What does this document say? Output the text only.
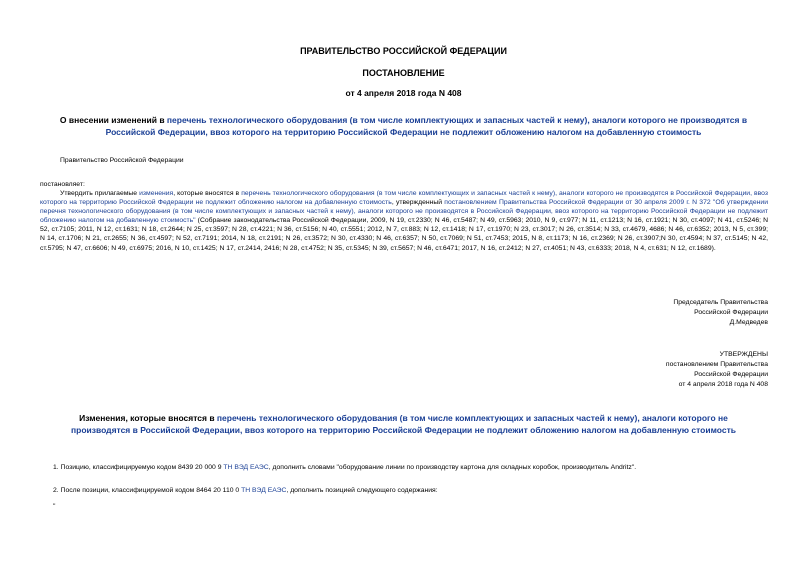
ПРАВИТЕЛЬСТВО РОССИЙСКОЙ ФЕДЕРАЦИИ
ПОСТАНОВЛЕНИЕ
от 4 апреля 2018 года N 408
О внесении изменений в перечень технологического оборудования (в том числе комплектующих и запасных частей к нему), аналоги которого не производятся в Российской Федерации, ввоз которого на территорию Российской Федерации не подлежит обложению налогом на добавленную стоимость
Правительство Российской Федерации
постановляет:
Утвердить прилагаемые изменения, которые вносятся в перечень технологического оборудования (в том числе комплектующих и запасных частей к нему), аналоги которого не производятся в Российской Федерации, ввоз которого на территорию Российской Федерации не подлежит обложению налогом на добавленную стоимость, утвержденный постановлением Правительства Российской Федерации от 30 апреля 2009 г. N 372 "Об утверждении перечня технологического оборудования (в том числе комплектующих и запасных частей к нему), аналоги которого не производятся в Российской Федерации, ввоз которого на территорию Российской Федерации не подлежит обложению налогом на добавленную стоимость" (Собрание законодательства Российской Федерации, 2009, N 19, ст.2330; N 46, ст.5487; N 49, ст.5963; 2010, N 9, ст.977; N 11, ст.1213; N 16, ст.1921; N 30, ст.4097; N 41, ст.5246; N 52, ст.7105; 2011, N 12, ст.1631; N 18, ст.2644; N 25, ст.3597; N 28, ст.4221; N 36, ст.5156; N 40, ст.5551; 2012, N 7, ст.883; N 12, ст.1418; N 17, ст.1970; N 23, ст.3017; N 26, ст.3514; N 33, ст.4679, 4686; N 46, ст.6352; 2013, N 5, ст.399; N 14, ст.1706; N 21, ст.2655; N 36, ст.4597; N 52, ст.7191; 2014, N 18, ст.2191; N 26, ст.3572; N 30, ст.4330; N 46, ст.6357; N 50, ст.7069; N 51, ст.7453; 2015, N 8, ст.1173; N 16, ст.2369; N 26, ст.3907;N 30, ст.4594; N 37, ст.5145; N 42, ст.5795; N 47, ст.6606; N 49, ст.6975; 2016, N 10, ст.1425; N 17, ст.2414, 2416; N 28, ст.4752; N 35, ст.5345; N 39, ст.5657; N 46, ст.6471; 2017, N 16, ст.2412; N 27, ст.4051; N 43, ст.6333; 2018, N 4, ст.631; N 12, ст.1689).
Председатель Правительства
Российской Федерации
Д.Медведев
УТВЕРЖДЕНЫ
постановлением Правительства
Российской Федерации
от 4 апреля 2018 года N 408
Изменения, которые вносятся в перечень технологического оборудования (в том числе комплектующих и запасных частей к нему), аналоги которого не производятся в Российской Федерации, ввоз которого на территорию Российской Федерации не подлежит обложению налогом на добавленную стоимость
1. Позицию, классифицируемую кодом 8439 20 000 9 ТН ВЭД ЕАЭС, дополнить словами "оборудование линии по производству картона для складных коробок, производитель Andritz".
2. После позиции, классифицируемой кодом 8464 20 110 0 ТН ВЭД ЕАЭС, дополнить позицией следующего содержания:
"
